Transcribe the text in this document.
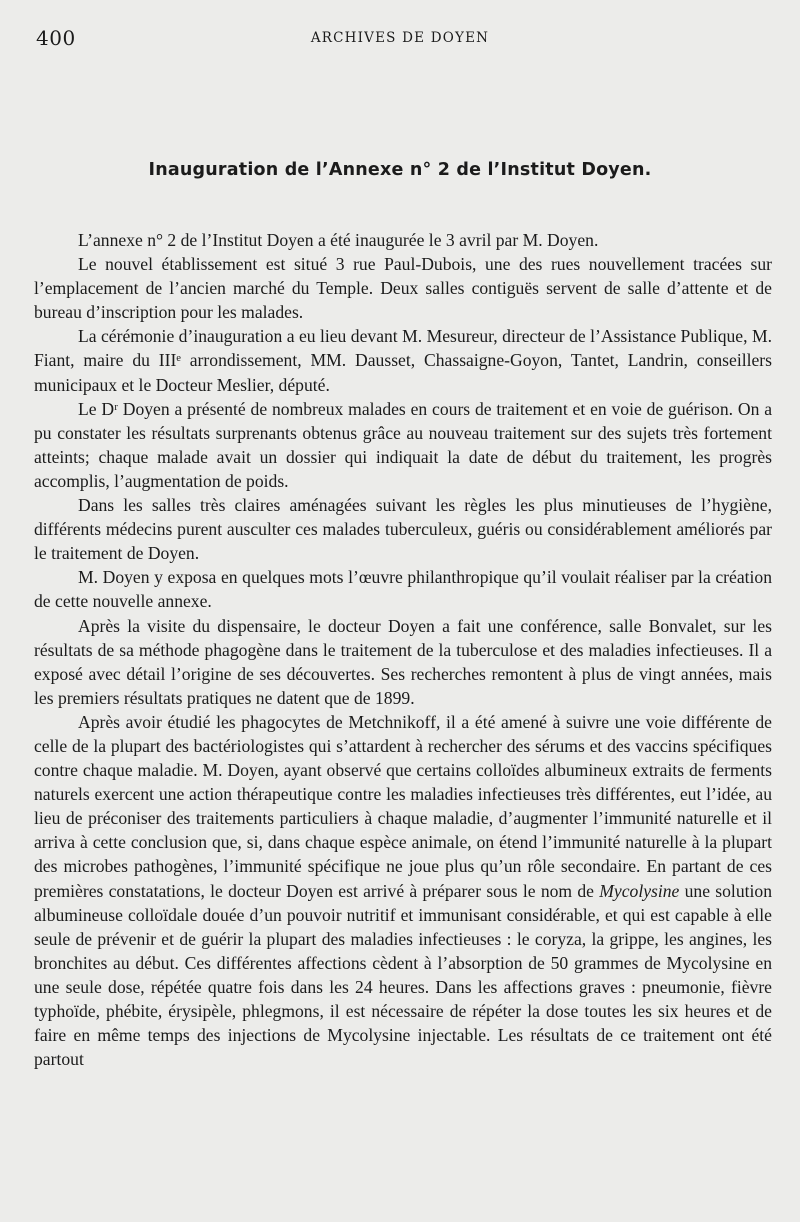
400	ARCHIVES DE DOYEN
Inauguration de l’Annexe n° 2 de l’Institut Doyen.

L’annexe n° 2 de l’Institut Doyen a été inaugurée le 3 avril par M. Doyen.

Le nouvel établissement est situé 3 rue Paul-Dubois, une des rues nouvellement tracées sur l’emplacement de l’ancien marché du Temple. Deux salles contiguës servent de salle d’attente et de bureau d’inscription pour les malades.

La cérémonie d’inauguration a eu lieu devant M. Mesureur, directeur de l’Assistance Publique, M. Fiant, maire du IIIᵉ arrondissement, MM. Dausset, Chassaigne-Goyon, Tantet, Landrin, conseillers municipaux et le Docteur Meslier, député.

Le Dʳ Doyen a présenté de nombreux malades en cours de traitement et en voie de guérison. On a pu constater les résultats surprenants obtenus grâce au nouveau traitement sur des sujets très fortement atteints; chaque malade avait un dossier qui indiquait la date de début du traitement, les progrès accomplis, l’augmentation de poids.

Dans les salles très claires aménagées suivant les règles les plus minutieuses de l’hygiène, différents médecins purent ausculter ces malades tuberculeux, guéris ou considérablement améliorés par le traitement de Doyen.

M. Doyen y exposa en quelques mots l’œuvre philanthropique qu’il voulait réaliser par la création de cette nouvelle annexe.

Après la visite du dispensaire, le docteur Doyen a fait une conférence, salle Bonvalet, sur les résultats de sa méthode phagogène dans le traitement de la tuberculose et des maladies infectieuses. Il a exposé avec détail l’origine de ses découvertes. Ses recherches remontent à plus de vingt années, mais les premiers résultats pratiques ne datent que de 1899.

Après avoir étudié les phagocytes de Metchnikoff, il a été amené à suivre une voie différente de celle de la plupart des bactériologistes qui s’attardent à rechercher des sérums et des vaccins spécifiques contre chaque maladie. M. Doyen, ayant observé que certains colloïdes albumineux extraits de ferments naturels exercent une action thérapeutique contre les maladies infectieuses très différentes, eut l’idée, au lieu de préconiser des traitements particuliers à chaque maladie, d’augmenter l’immunité naturelle et il arriva à cette conclusion que, si, dans chaque espèce animale, on étend l’immunité naturelle à la plupart des microbes pathogènes, l’immunité spécifique ne joue plus qu’un rôle secondaire. En partant de ces premières constatations, le docteur Doyen est arrivé à préparer sous le nom de Mycolysine une solution albumineuse colloïdale douée d’un pouvoir nutritif et immunisant considérable, et qui est capable à elle seule de prévenir et de guérir la plupart des maladies infectieuses : le coryza, la grippe, les angines, les bronchites au début. Ces différentes affections cèdent à l’absorption de 50 grammes de Mycolysine en une seule dose, répétée quatre fois dans les 24 heures. Dans les affections graves : pneumonie, fièvre typhoïde, phébite, érysipèle, phlegmons, il est nécessaire de répéter la dose toutes les six heures et de faire en même temps des injections de Mycolysine injectable. Les résultats de ce traitement ont été partout
